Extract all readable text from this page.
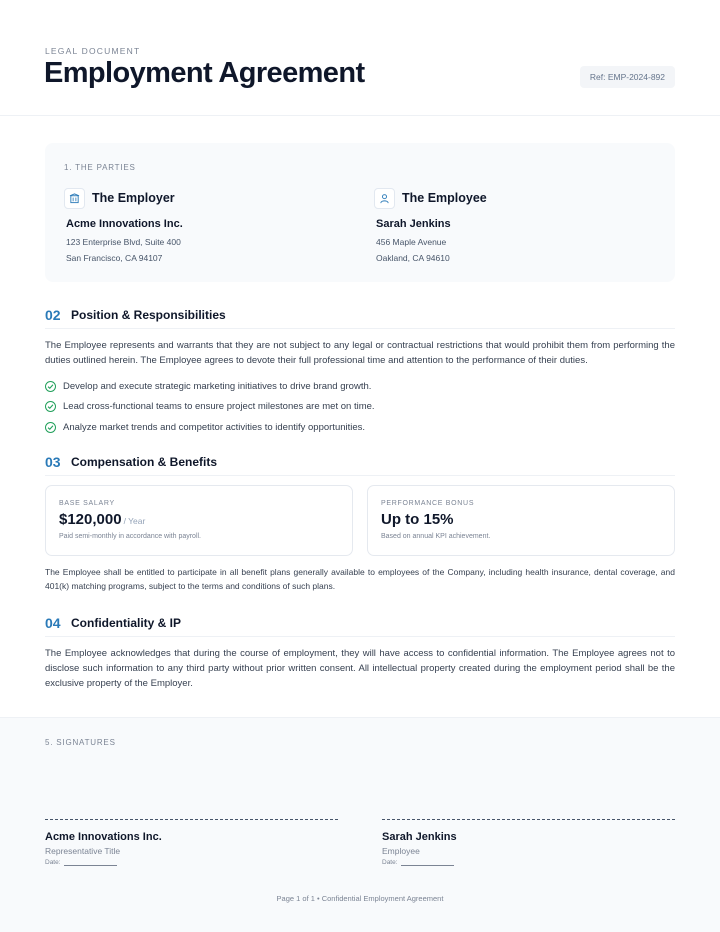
LEGAL DOCUMENT
Employment Agreement	Ref: EMP-2024-892
1. THE PARTIES
The Employer
Acme Innovations Inc.
123 Enterprise Blvd, Suite 400
San Francisco, CA 94107
The Employee
Sarah Jenkins
456 Maple Avenue
Oakland, CA 94610
02 Position & Responsibilities
The Employee represents and warrants that they are not subject to any legal or contractual restrictions that would prohibit them from performing the duties outlined herein. The Employee agrees to devote their full professional time and attention to the performance of their duties.
Develop and execute strategic marketing initiatives to drive brand growth.
Lead cross-functional teams to ensure project milestones are met on time.
Analyze market trends and competitor activities to identify opportunities.
03 Compensation & Benefits
BASE SALARY
$120,000 / Year
Paid semi-monthly in accordance with payroll.
PERFORMANCE BONUS
Up to 15%
Based on annual KPI achievement.
The Employee shall be entitled to participate in all benefit plans generally available to employees of the Company, including health insurance, dental coverage, and 401(k) matching programs, subject to the terms and conditions of such plans.
04 Confidentiality & IP
The Employee acknowledges that during the course of employment, they will have access to confidential information. The Employee agrees not to disclose such information to any third party without prior written consent. All intellectual property created during the employment period shall be the exclusive property of the Employer.
5. SIGNATURES
Acme Innovations Inc.
Representative Title
Date:
Sarah Jenkins
Employee
Date:
Page 1 of 1 • Confidential Employment Agreement
